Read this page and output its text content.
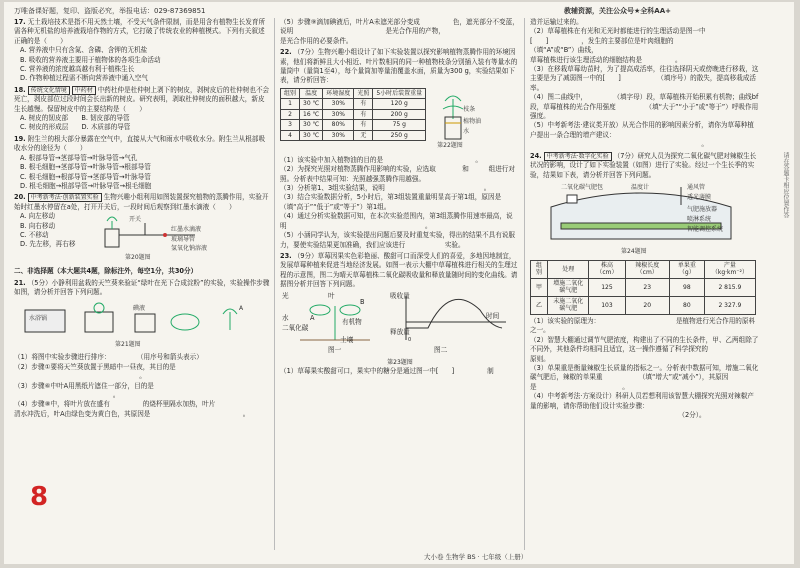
万唯备课好题，复印、盗版必究，举报电话：029-87369851	教辅资源，关注公众号★全科AA+
17. 无土栽培技术是指不用天然土壤，不受天气条件限制，而是用含有植物生长发育所需各种无机盐的培养液栽培作物的方式，它打破了传统农业的种植模式。下列有关叙述正确的是（　　）
A. 营养液中只有含氮、含磷、含钾的无机盐
B. 吸收的营养液主要用于植物体的各项生命活动
C. 营养液的浓度越高越有利于植株生长
D. 作物种植过程需不断向营养液中通入空气
18. 传统文化情境 中药材 中药杜仲是杜仲树上剥下的树皮，剥树皮后的杜仲树也不会死亡，剥皮部位过段时间会长出新的树皮。研究表明，剥取杜仲树皮的面积越大，新皮生长越慢。保留树皮中的主要结构是（　　）
A. 树皮的韧皮部　　B. 韧皮部的导管
C. 树皮的形成层　　D. 木质部的导管
19. 附生兰的根大部分暴露在空气中，直接从大气和雨水中吸收水分。附生兰从根部吸收水分的途径为（　　）
A. 根部导管→茎部导管→叶脉导管→气孔
B. 根毛细胞→茎部导管→叶脉导管→根部导管
C. 根毛细胞→根部导管→茎部导管→叶脉导管
D. 根毛细胞→根部导管→叶脉导管→根毛细胞
20. 中考新考法·创新装置实验 生物兴趣小组利用如图装置探究植物的蒸腾作用，实验开始时红墨水停留在a处，打开开关后，一段时间后观察到红墨水滴液（　　）
A. 向左移动
B. 向右移动
C. 不移动
D. 先左移，再右移
开关
红墨水滴液
玻璃导管
氢氧化钠溶液
第20题图
二、非选择题（本大题共4题，除标注外，每空1分，共30分）
21. （5分）小静利用盆栽的天竺葵来验证“绿叶在光下合成淀粉”的实验，实验操作步骤如图，请分析并回答下列问题。
水浴锅
A
碘液
第21题图
（1）将图中实验步骤进行排序：　　　　　（用序号和箭头表示）
（2）步骤①要将天竺葵放置于黑暗中一昼夜，其目的是
　　　　　　　　　　　　　　　　　　　。
（3）步骤⑥中叶A用黑纸片遮住一部分，目的是
　　　　　　　　　　　　　　　。
（4）步骤⑧中，将叶片放在盛有　　　　　的烧杯里隔水加热，叶片
清水冲洗后，叶A由绿色变为黄白色，其原因是　　　　　　　　　　　　　　。
8
（5）步骤⑨滴加碘液后，叶片A未遮光部分变成　　　　　色，遮光部分不变蓝，说明　　　　　　　　　　　　　　是光合作用的产物，　　　　　　　　　　　　是光合作用的必要条件。
22. （7分）生物兴趣小组设计了如下实验装置以探究影响植物蒸腾作用的环境因素，他们将新鲜且大小相近、叶片数相同的同一种植物枝条分别插入装有等量水的量筒中（量筒1至4），每个量筒加等量油覆盖水面，质量为300 g，实验结果如下表，请分析回答：
组别	温度	环境湿度	光照	5小时后装置重量
1	30 ℃	30%	有	120 g
2	16 ℃	30%	有	200 g
3	30 ℃	80%	有	75 g
4	30 ℃	30%	无	250 g
枝条
植物油
水
第22题图
（1）该实验中加入植物油的目的是　　　　　　　　　　　　　　。
（2）为探究光照对植物蒸腾作用影响的实验，应选取　　　　和　　　组进行对照。分析表中结果可知：光照越强蒸腾作用越强。
（3）分析第1、3组实验结果，说明　　　　　　　　　　　　　　　。
（3）结合实验数据分析，5小时后，第3组装置重量明显高于第1组，原因是　　　　　　（填“高于”“低于”或“等于”）第1组。
（4）通过分析实验数据可知，在本次实验范围内，第3组蒸腾作用速率最高，说明　　　　　　　　　　　　　　　　　　　　　。
（5）小涵同学认为，该实验提出问题后要及时重复实验，得出的结果不具有说服力，要使实验结果更加准确，我们应该进行　　　　　　实验。
23. （9分）草莓因果实色彩艳丽、酸甜可口而深受人们的喜爱，多地因地制宜，发展草莓种植来促进当地经济发展。如图一表示大棚中草莓植株进行相关的生理过程的示意图，图二为晴天草莓植株二氧化碳吸收量和释放量随时间的变化曲线。请据图分析并回答下列问题。
叶
光
水
二氧化碳
有机物
A
B
土壤
图一
吸收量
释放量
时间
0
图二
第23题图
（1）草莓果实酸甜可口，果实中的糖分是通过图一中[　　]　　　　　制
大小卷 生物学 BS · 七年级（上册）
造并运输过来的。
（2）草莓植株在有光和无光时都能进行的生理活动是图一中[　　]　　　　　，发生的主要部位是叶肉细胞的　　　　　　　　（填“A”或“B”）曲线，
草莓植株进行该生理活动的细胞结构是　　　　　。
（3）在移栽草莓幼苗时，为了提高成活率，往往选择阴天或傍晚进行移栽，这主要是为了减弱图一中的[　　]　　　　　　（填序号）的散失，提高移栽成活率。
（4）图二曲线中，　　　　　（填字母）段，草莓植株开始积累有机物；曲线bf段，草莓植株的光合作用强度　　　　　（填“大于”“小于”或“等于”）呼吸作用强度。
（5）中考新考法·建议类开放）从光合作用的影响因素分析，请你为草莓种植户提出一条合理的增产建议：
　　　　　　　　　　　　　　　　　　　　　　　　　　。
24. 中考新考法·数字化实验 （7分）研究人员为探究二氧化碳气肥对辣椒生长状况的影响，设计了如下实验装置（如图）进行了实验。经过一个生长季的实验，结果如下表，请分析并回答下列问题。
二氧化碳气肥包	温度计	通风管
透光薄膜
气肥施放器
喷淋系统
智能调控系统
第24题图
组别	处理	株高（cm）	辣椒长度（cm）	单果重（g）	产量（kg·km⁻²）
甲	增施二氧化碳气肥	125	23	98	2 815.9
乙	未施二氧化碳气肥	103	20	80	2 327.9
（1）该实验的原理为：　　　　　　　　　　　　是植物进行光合作用的原料之一。
（2）智慧大棚通过调节气肥浓度，构建出了不同的生长条件，甲、乙两组除了　　　　　不同外，其他条件均相同且适宜，这一操作遵循了科学探究的　　　　　　　原则。
（3）单果重是衡量辣椒生长质量的指标之一。分析表中数据可知，增施二氧化碳气肥后，辣椒的单果重　　　　　　（填“增大”或“减小”），其原因是　　　　　　　　　　　　　。
（4）中考新考法·方案设计）科研人员若想利用该智慧大棚探究光照对辣椒产量的影响，请你帮助他们设计实验步骤：
　　　　　　　　　　　　　　　　　　　　　　　（2分）。
请在答题卡相应位置作答
